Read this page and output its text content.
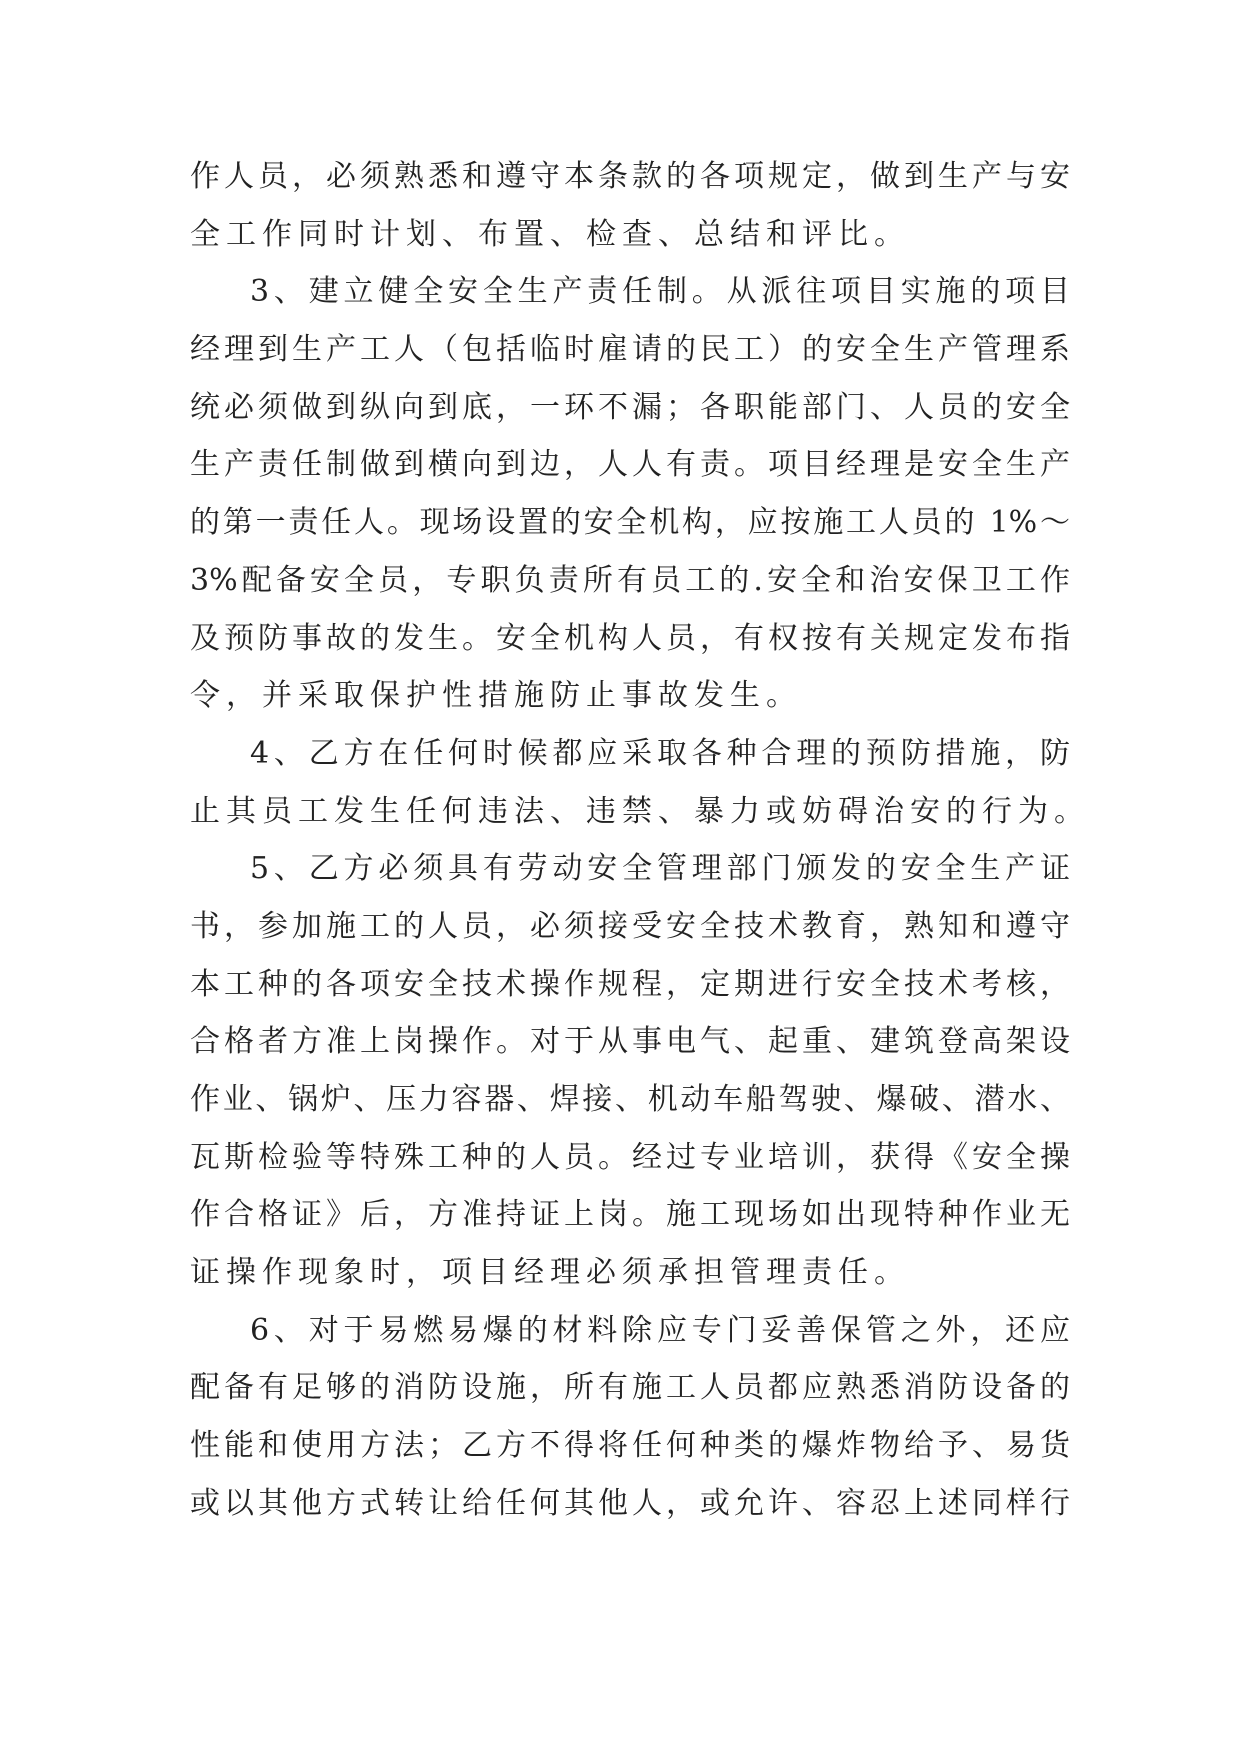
作人员，必须熟悉和遵守本条款的各项规定，做到生产与安
全工作同时计划、布置、检查、总结和评比。
3、建立健全安全生产责任制。从派往项目实施的项目
经理到生产工人（包括临时雇请的民工）的安全生产管理系
统必须做到纵向到底，一环不漏；各职能部门、人员的安全
生产责任制做到横向到边，人人有责。项目经理是安全生产
的第一责任人。现场设置的安全机构，应按施工人员的 1%～
3%配备安全员，专职负责所有员工的.安全和治安保卫工作
及预防事故的发生。安全机构人员，有权按有关规定发布指
令，并采取保护性措施防止事故发生。
4、乙方在任何时候都应采取各种合理的预防措施，防
止其员工发生任何违法、违禁、暴力或妨碍治安的行为。
5、乙方必须具有劳动安全管理部门颁发的安全生产证
书，参加施工的人员，必须接受安全技术教育，熟知和遵守
本工种的各项安全技术操作规程，定期进行安全技术考核，
合格者方准上岗操作。对于从事电气、起重、建筑登高架设
作业、锅炉、压力容器、焊接、机动车船驾驶、爆破、潜水、
瓦斯检验等特殊工种的人员。经过专业培训，获得《安全操
作合格证》后，方准持证上岗。施工现场如出现特种作业无
证操作现象时，项目经理必须承担管理责任。
6、对于易燃易爆的材料除应专门妥善保管之外，还应
配备有足够的消防设施，所有施工人员都应熟悉消防设备的
性能和使用方法；乙方不得将任何种类的爆炸物给予、易货
或以其他方式转让给任何其他人，或允许、容忍上述同样行
